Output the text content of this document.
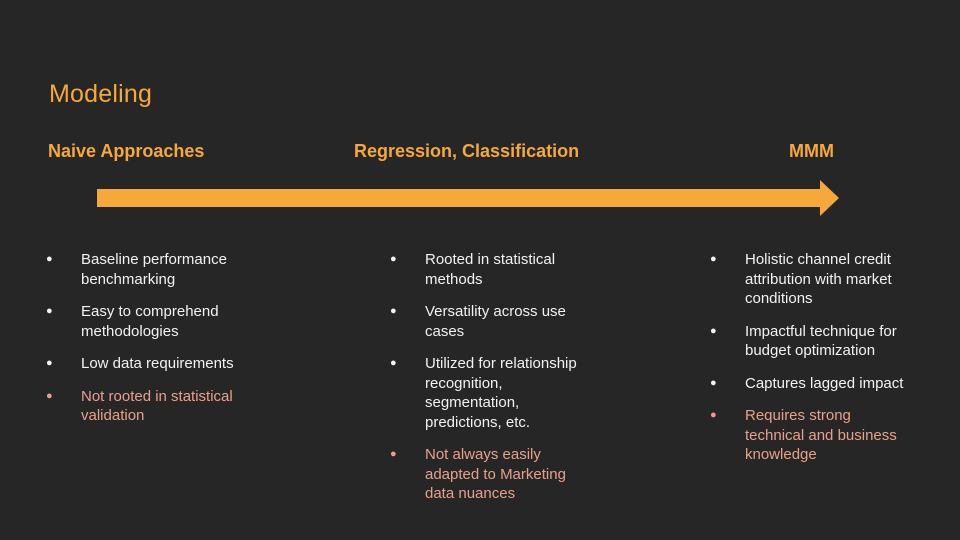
Modeling
Naive Approaches	Regression, Classification	MMM
● Baseline performance benchmarking
● Easy to comprehend methodologies
● Low data requirements
● Not rooted in statistical validation
● Rooted in statistical methods
● Versatility across use cases
● Utilized for relationship recognition, segmentation, predictions, etc.
● Not always easily adapted to Marketing data nuances
● Holistic channel credit attribution with market conditions
● Impactful technique for budget optimization
● Captures lagged impact
● Requires strong technical and business knowledge
